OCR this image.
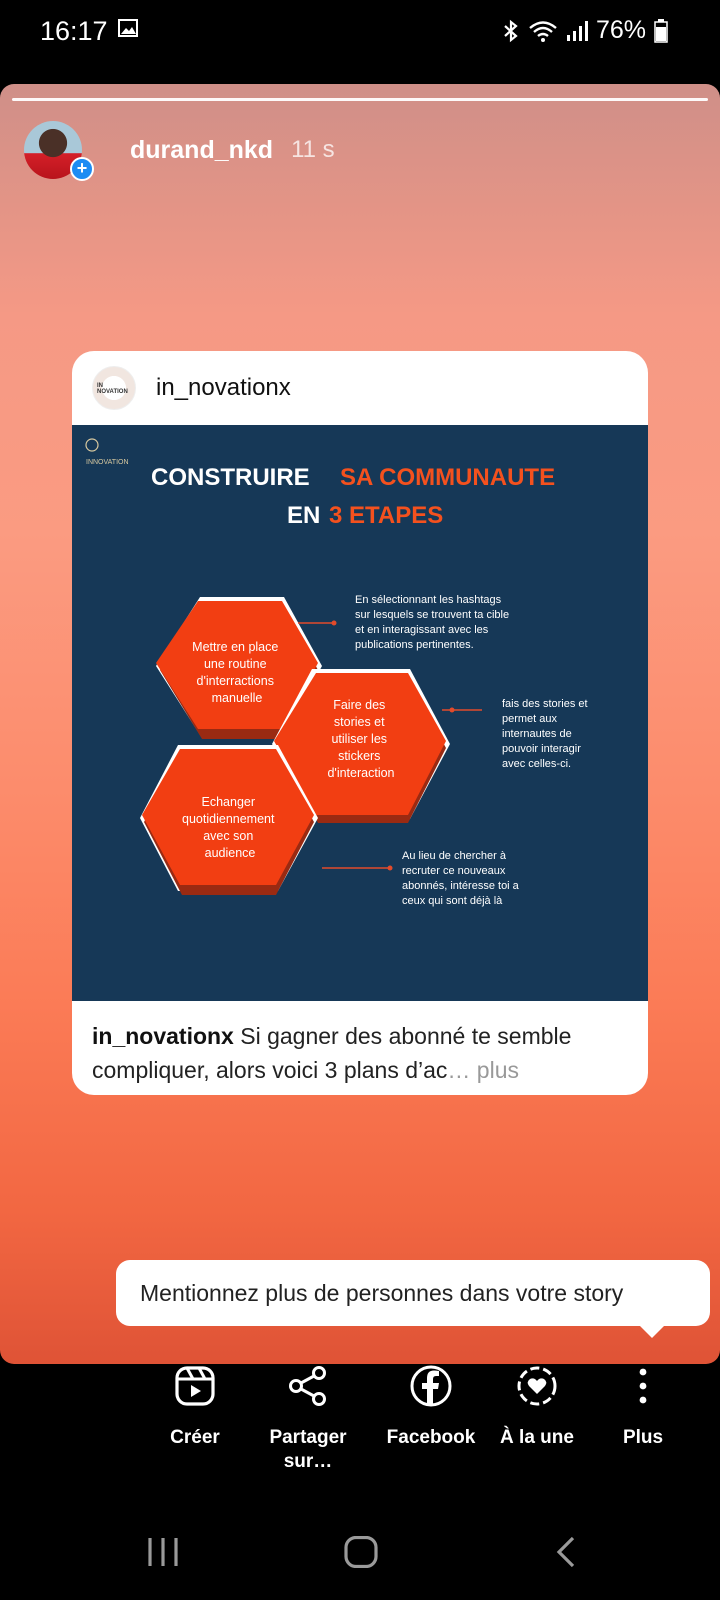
16:17	76%
+
durand_nkd 11 s
IN NOVATION	in_novationx
INNOVATION
CONSTRUIRE SA COMMUNAUTE
EN 3 ETAPES
Mettre en place une routine d'interractions manuelle	Faire des stories et utiliser les stickers d'interaction
Echanger quotidiennement avec son audience
En sélectionnant les hashtags sur lesquels se trouvent ta cible et en interagissant avec les publications pertinentes.
fais des stories et permet aux internautes de pouvoir interagir avec celles-ci.
Au lieu de chercher à recruter ce nouveaux abonnés, intéresse toi a ceux qui sont déjà là
in_novationx Si gagner des abonné te semble compliquer, alors voici 3 plans d’ac… plus
Mentionnez plus de personnes dans votre story
Créer	Partager sur…
Facebook	À la une	Plus
